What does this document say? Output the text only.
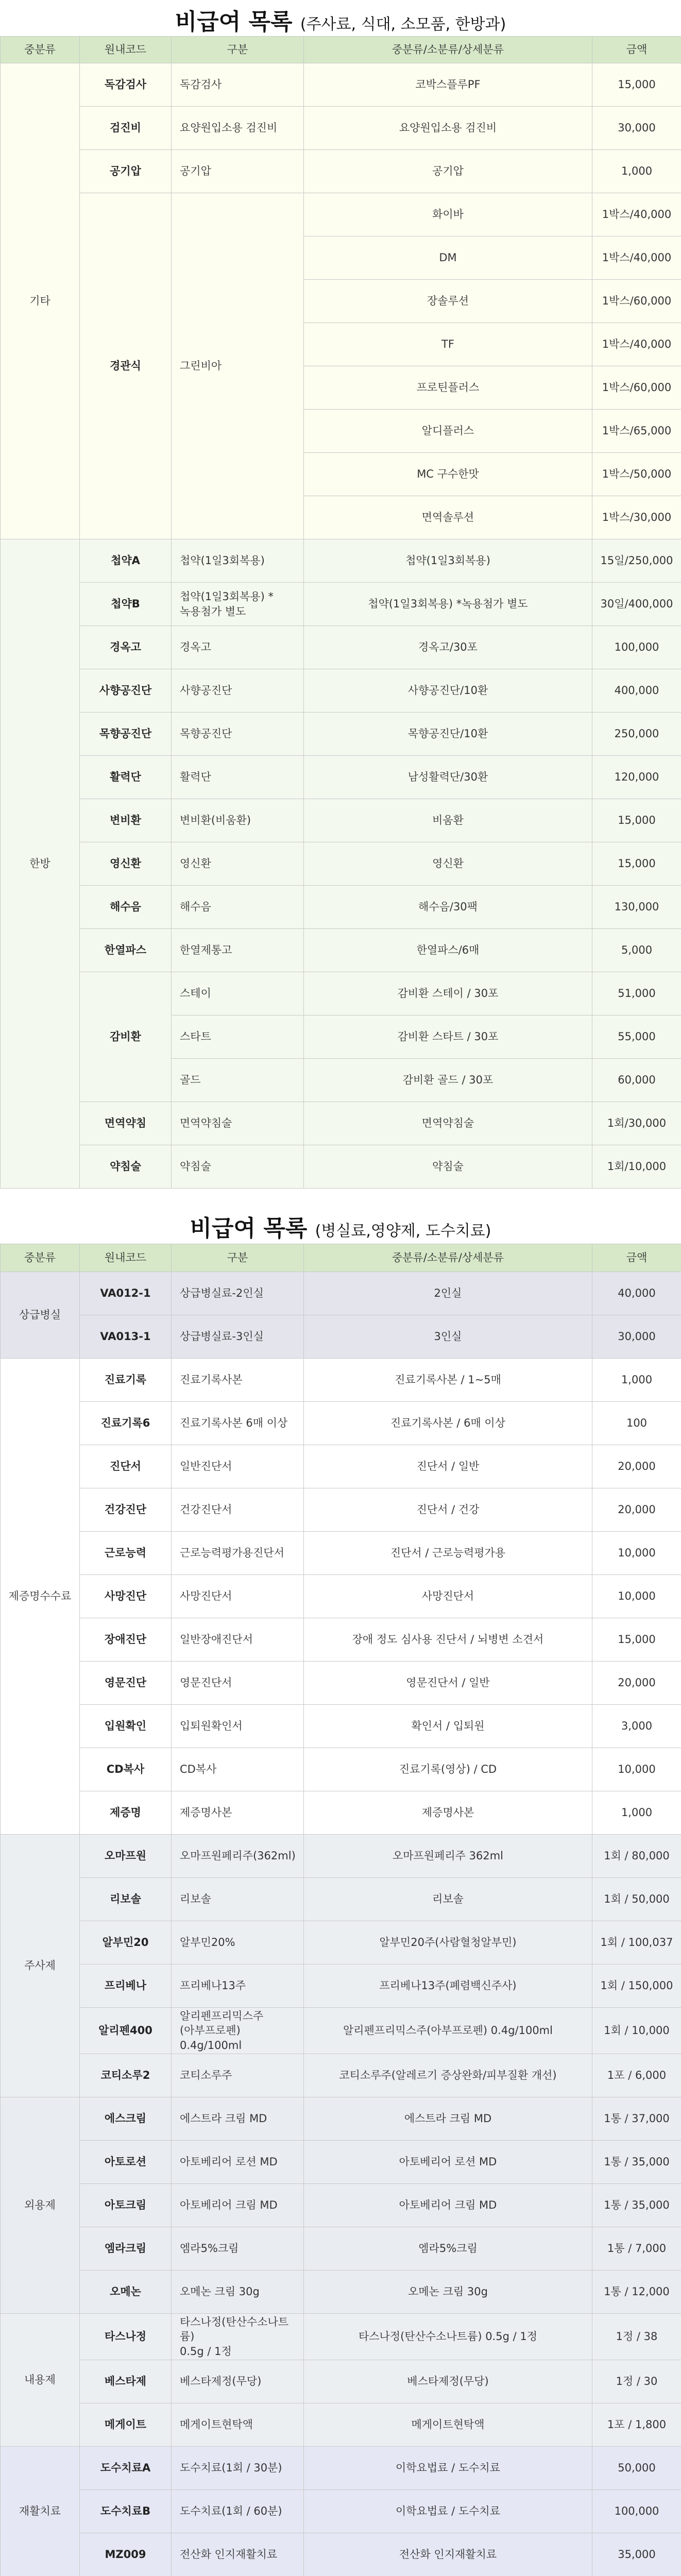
비급여 목록 (주사료, 식대, 소모품, 한방과)
중분류	원내코드	구분	중분류/소분류/상세분류	금액
기타	독감검사	독감검사	코박스플루PF	15,000
	검진비	요양원입소용 검진비	요양원입소용 검진비	30,000
	공기압	공기압	공기압	1,000
	경관식	그린비아	화이바	1박스/40,000
			DM	1박스/40,000
			장솔루션	1박스/60,000
			TF	1박스/40,000
			프로틴플러스	1박스/60,000
			알디플러스	1박스/65,000
			MC 구수한맛	1박스/50,000
			면역솔루션	1박스/30,000
한방	첩약A	첩약(1일3회복용)	첩약(1일3회복용)	15일/250,000
	첩약B	첩약(1일3회복용) *
녹용첨가 별도	첩약(1일3회복용) *녹용첨가 별도	30일/400,000
	경옥고	경옥고	경옥고/30포	100,000
	사향공진단	사향공진단	사향공진단/10환	400,000
	목향공진단	목향공진단	목향공진단/10환	250,000
	활력단	활력단	남성활력단/30환	120,000
	변비환	변비환(비움환)	비움환	15,000
	영신환	영신환	영신환	15,000
	해수음	해수음	해수음/30팩	130,000
	한열파스	한열제통고	한열파스/6매	5,000
	감비환	스테이	감비환 스테이 / 30포	51,000
		스타트	감비환 스타트 / 30포	55,000
		골드	감비환 골드 / 30포	60,000
	면역약침	면역약침술	면역약침술	1회/30,000
	약침술	약침술	약침술	1회/10,000
비급여 목록 (병실료,영양제, 도수치료)
중분류	원내코드	구분	중분류/소분류/상세분류	금액
상급병실	VA012-1	상급병실료-2인실	2인실	40,000
	VA013-1	상급병실료-3인실	3인실	30,000
제증명수수료	진료기록	진료기록사본	진료기록사본 / 1~5매	1,000
	진료기록6	진료기록사본 6매 이상	진료기록사본 / 6매 이상	100
	진단서	일반진단서	진단서 / 일반	20,000
	건강진단	건강진단서	진단서 / 건강	20,000
	근로능력	근로능력평가용진단서	진단서 / 근로능력평가용	10,000
	사망진단	사망진단서	사망진단서	10,000
	장애진단	일반장애진단서	장애 정도 심사용 진단서 / 뇌병변 소견서	15,000
	영문진단	영문진단서	영문진단서 / 일반	20,000
	입원확인	입퇴원확인서	확인서 / 입퇴원	3,000
	CD복사	CD복사	진료기록(영상) / CD	10,000
	제증명	제증명사본	제증명사본	1,000
주사제	오마프원	오마프원페리주(362ml)	오마프원페리주 362ml	1회 / 80,000
	리보솔	리보솔	리보솔	1회 / 50,000
	알부민20	알부민20%	알부민20주(사람혈청알부민)	1회 / 100,037
	프리베나	프리베나13주	프리베나13주(폐렴백신주사)	1회 / 150,000
	알리펜400	알리펜프리믹스주
(아부프로펜) 0.4g/100ml	알리펜프리믹스주(아부프로펜) 0.4g/100ml	1회 / 10,000
	코티소루2	코티소루주	코티소루주(알레르기 증상완화/피부질환 개선)	1포 / 6,000
외용제	에스크림	에스트라 크림 MD	에스트라 크림 MD	1통 / 37,000
	아토로션	아토베리어 로션 MD	아토베리어 로션 MD	1통 / 35,000
	아토크림	아토베리어 크림 MD	아토베리어 크림 MD	1통 / 35,000
	엠라크림	엠라5%크림	엠라5%크림	1통 / 7,000
	오메논	오메논 크림 30g	오메논 크림 30g	1통 / 12,000
내용제	타스나정	타스나정(탄산수소나트륨)
0.5g / 1정	타스나정(탄산수소나트륨) 0.5g / 1정	1정 / 38
	베스타제	베스타제정(무당)	베스타제정(무당)	1정 / 30
	메게이트	메게이트현탁액	메게이트현탁액	1포 / 1,800
재활치료	도수치료A	도수치료(1회 / 30분)	이학요법료 / 도수치료	50,000
	도수치료B	도수치료(1회 / 60분)	이학요법료 / 도수치료	100,000
	MZ009	전산화 인지재활치료	전산화 인지재활치료	35,000
